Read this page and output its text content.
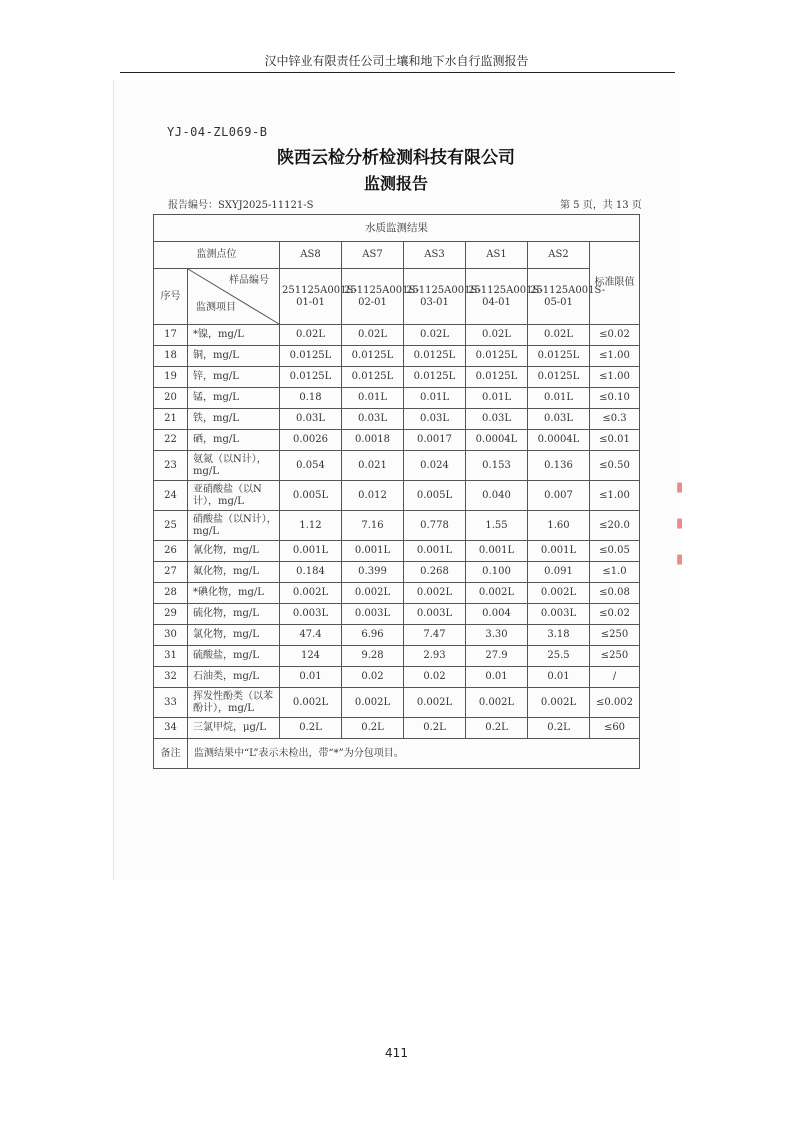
汉中锌业有限责任公司土壤和地下水自行监测报告
YJ-04-ZL069-B
陕西云检分析检测科技有限公司
监测报告
报告编号：SXYJ2025-11121-S	第 5 页，共 13 页
水质监测结果							
监测点位		AS8	AS7	AS3	AS1	AS2	标准限值
序号	样品编号
监测项目	251125A001S-01-01	251125A001S-02-01	251125A001S-03-01	251125A001S-04-01	251125A001S-05-01	
17	*镍，mg/L	0.02L	0.02L	0.02L	0.02L	0.02L	≤0.02
18	铜，mg/L	0.0125L	0.0125L	0.0125L	0.0125L	0.0125L	≤1.00
19	锌，mg/L	0.0125L	0.0125L	0.0125L	0.0125L	0.0125L	≤1.00
20	锰，mg/L	0.18	0.01L	0.01L	0.01L	0.01L	≤0.10
21	铁，mg/L	0.03L	0.03L	0.03L	0.03L	0.03L	≤0.3
22	硒，mg/L	0.0026	0.0018	0.0017	0.0004L	0.0004L	≤0.01
23	氨氮（以N计），mg/L	0.054	0.021	0.024	0.153	0.136	≤0.50
24	亚硝酸盐（以N计），mg/L	0.005L	0.012	0.005L	0.040	0.007	≤1.00
25	硝酸盐（以N计），mg/L	1.12	7.16	0.778	1.55	1.60	≤20.0
26	氰化物，mg/L	0.001L	0.001L	0.001L	0.001L	0.001L	≤0.05
27	氟化物，mg/L	0.184	0.399	0.268	0.100	0.091	≤1.0
28	*碘化物，mg/L	0.002L	0.002L	0.002L	0.002L	0.002L	≤0.08
29	硫化物，mg/L	0.003L	0.003L	0.003L	0.004	0.003L	≤0.02
30	氯化物，mg/L	47.4	6.96	7.47	3.30	3.18	≤250
31	硫酸盐，mg/L	124	9.28	2.93	27.9	25.5	≤250
32	石油类，mg/L	0.01	0.02	0.02	0.01	0.01	/
33	挥发性酚类（以苯酚计），mg/L	0.002L	0.002L	0.002L	0.002L	0.002L	≤0.002
34	三氯甲烷，μg/L	0.2L	0.2L	0.2L	0.2L	0.2L	≤60
备注	监测结果中“L”表示未检出，带“*”为分包项目。						
▮
▮
▮
411
